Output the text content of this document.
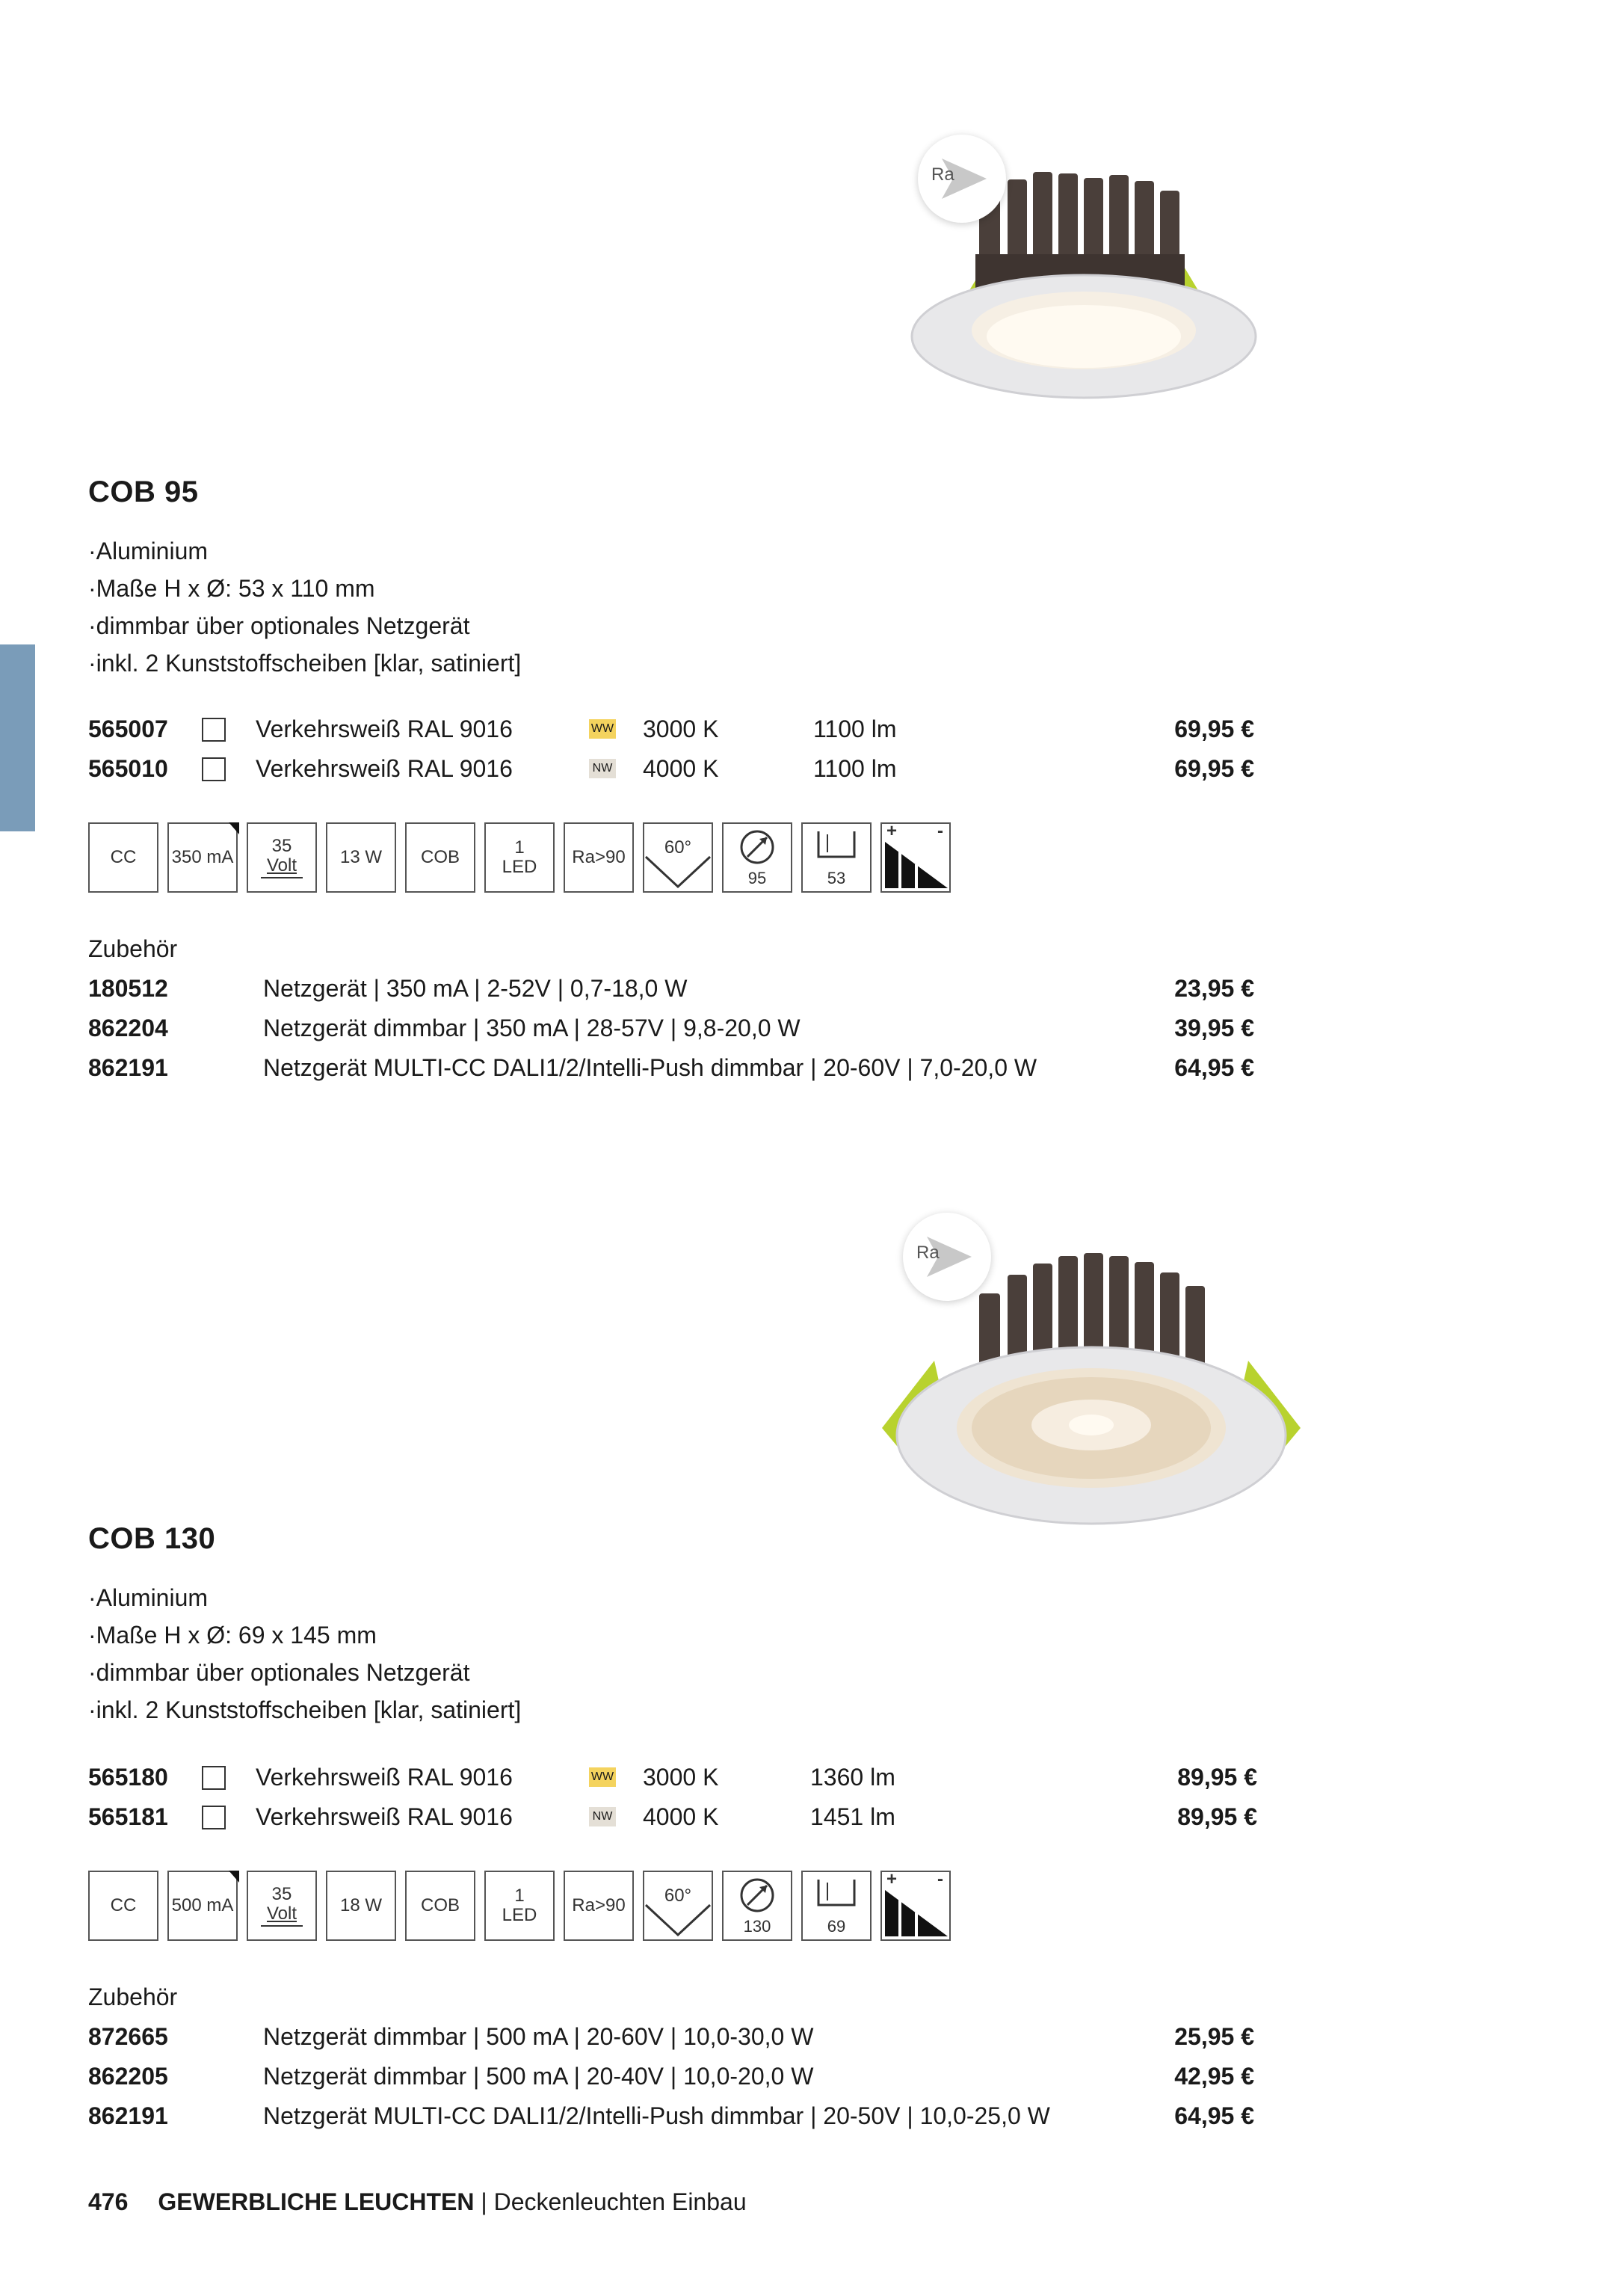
Ra
COB 95
· Aluminium
· Maße H x Ø: 53 x 110 mm
· dimmbar über optionales Netzgerät
· inkl. 2 Kunststoffscheiben [klar, satiniert]
565007	Verkehrsweiß RAL 9016	WW 3000 K	1100 lm	69,95 €
565010	Verkehrsweiß RAL 9016	NW 4000 K	1100 lm	69,95 €
CC 350 mA
35
Volt 13 W COB	1
LED Ra>90 60°
95	53
+ -
Zubehör
180512	Netzgerät | 350 mA | 2-52V | 0,7-18,0 W	23,95 €
862204	Netzgerät dimmbar | 350 mA | 28-57V | 9,8-20,0 W	39,95 €
862191	Netzgerät MULTI-CC DALI1/2/Intelli-Push dimmbar | 20-60V | 7,0-20,0 W	64,95 €
Ra
COB 130
· Aluminium
· Maße H x Ø: 69 x 145 mm
· dimmbar über optionales Netzgerät
· inkl. 2 Kunststoffscheiben [klar, satiniert]
565180	Verkehrsweiß RAL 9016	WW 3000 K	1360 lm	89,95 €
565181	Verkehrsweiß RAL 9016	NW 4000 K	1451 lm	89,95 €
CC 500 mA
35
Volt 18 W COB	1
LED Ra>90 60°
130	69
+ -
Zubehör
872665	Netzgerät dimmbar | 500 mA | 20-60V | 10,0-30,0 W	25,95 €
862205	Netzgerät dimmbar | 500 mA | 20-40V | 10,0-20,0 W	42,95 €
862191	Netzgerät MULTI-CC DALI1/2/Intelli-Push dimmbar | 20-50V | 10,0-25,0 W	64,95 €
476 GEWERBLICHE LEUCHTEN | Deckenleuchten Einbau
